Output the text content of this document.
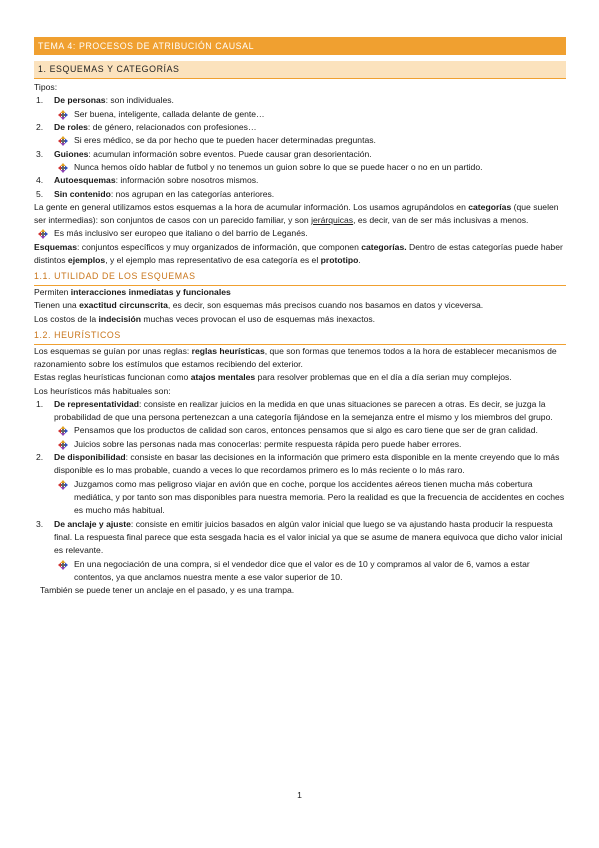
TEMA 4: PROCESOS DE ATRIBUCIÓN CAUSAL
1. ESQUEMAS Y CATEGORÍAS

Tipos:

1.	De personas: son individuales.
Ser buena, inteligente, callada delante de gente…
2.	De roles: de género, relacionados con profesiones…
Si eres médico, se da por hecho que te pueden hacer determinadas preguntas.
3.	Guiones: acumulan información sobre eventos. Puede causar gran desorientación.
Nunca hemos oído hablar de futbol y no tenemos un guion sobre lo que se puede hacer o no en un partido.
4.	Autoesquemas: información sobre nosotros mismos.
5.	Sin contenido: nos agrupan en las categorías anteriores.

La gente en general utilizamos estos esquemas a la hora de acumular información. Los usamos agrupándolos en categorías (que suelen ser intermedias): son conjuntos de casos con un parecido familiar, y son jerárquicas, es decir, van de ser más inclusivas a menos.

Es más inclusivo ser europeo que italiano o del barrio de Leganés.

Esquemas: conjuntos específicos y muy organizados de información, que componen categorías. Dentro de estas categorías puede haber distintos ejemplos, y el ejemplo mas representativo de esa categoría es el prototipo.

1.1. UTILIDAD DE LOS ESQUEMAS

Permiten interacciones inmediatas y funcionales

Tienen una exactitud circunscrita, es decir, son esquemas más precisos cuando nos basamos en datos y viceversa.

Los costos de la indecisión muchas veces provocan el uso de esquemas más inexactos.

1.2. HEURÍSTICOS

Los esquemas se guían por unas reglas: reglas heurísticas, que son formas que tenemos todos a la hora de establecer mecanismos de razonamiento sobre los estímulos que estamos recibiendo del exterior.

Estas reglas heurísticas funcionan como atajos mentales para resolver problemas que en el día a día serian muy complejos.

Los heurísticos más habituales son:

1.	De representatividad: consiste en realizar juicios en la medida en que unas situaciones se parecen a otras. Es decir, se juzga la probabilidad de que una persona pertenezcan a una categoría fijándose en la semejanza entre el mismo y los miembros del grupo.
Pensamos que los productos de calidad son caros, entonces pensamos que si algo es caro tiene que ser de gran calidad.
Juicios sobre las personas nada mas conocerlas: permite respuesta rápida pero puede haber errores.
2.	De disponibilidad: consiste en basar las decisiones en la información que primero esta disponible en la mente creyendo que lo más disponible es lo mas probable, cuando a veces lo que recordamos primero es lo más reciente o lo más raro.
Juzgamos como mas peligroso viajar en avión que en coche, porque los accidentes aéreos tienen mucha más cobertura mediática, y por tanto son mas disponibles para nuestra memoria. Pero la realidad es que la frecuencia de accidentes en coches es mucho más habitual.
3.	De anclaje y ajuste: consiste en emitir juicios basados en algún valor inicial que luego se va ajustando hasta producir la respuesta final. La respuesta final parece que esta sesgada hacia es el valor inicial ya que se asume de manera equivoca que dicho valor inicial es relevante.
En una negociación de una compra, si el vendedor dice que el valor es de 10 y compramos al valor de 6, vamos a estar contentos, ya que anclamos nuestra mente a ese valor superior de 10.

También se puede tener un anclaje en el pasado, y es una trampa.

1
